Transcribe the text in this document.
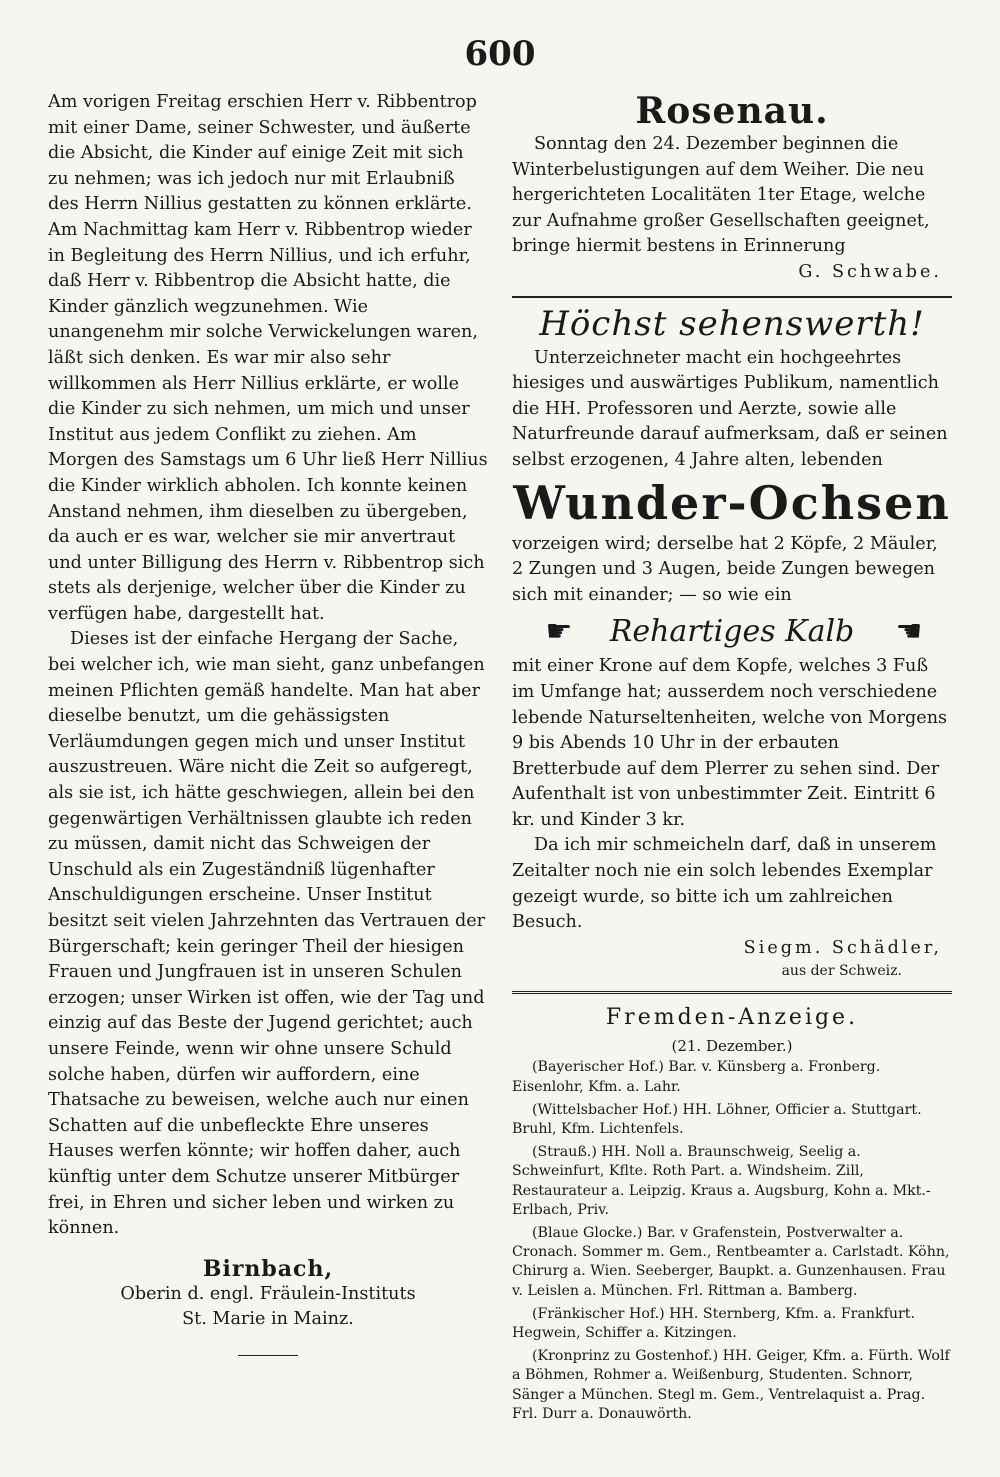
600

Am vorigen Freitag erschien Herr v. Ribbentrop mit einer Dame, seiner Schwester, und äußerte die Absicht, die Kinder auf einige Zeit mit sich zu nehmen; was ich jedoch nur mit Erlaubniß des Herrn Nillius gestatten zu können erklärte. Am Nachmittag kam Herr v. Ribbentrop wieder in Begleitung des Herrn Nillius, und ich erfuhr, daß Herr v. Ribbentrop die Absicht hatte, die Kinder gänzlich wegzunehmen. Wie unangenehm mir solche Verwickelungen waren, läßt sich denken. Es war mir also sehr willkommen als Herr Nillius erklärte, er wolle die Kinder zu sich nehmen, um mich und unser Institut aus jedem Conflikt zu ziehen. Am Morgen des Samstags um 6 Uhr ließ Herr Nillius die Kinder wirklich abholen. Ich konnte keinen Anstand nehmen, ihm dieselben zu übergeben, da auch er es war, welcher sie mir anvertraut und unter Billigung des Herrn v. Ribbentrop sich stets als derjenige, welcher über die Kinder zu verfügen habe, dargestellt hat.

Dieses ist der einfache Hergang der Sache, bei welcher ich, wie man sieht, ganz unbefangen meinen Pflichten gemäß handelte. Man hat aber dieselbe benutzt, um die gehässigsten Verläumdungen gegen mich und unser Institut auszustreuen. Wäre nicht die Zeit so aufgeregt, als sie ist, ich hätte geschwiegen, allein bei den gegenwärtigen Verhältnissen glaubte ich reden zu müssen, damit nicht das Schweigen der Unschuld als ein Zugeständniß lügenhafter Anschuldigungen erscheine. Unser Institut besitzt seit vielen Jahrzehnten das Vertrauen der Bürgerschaft; kein geringer Theil der hiesigen Frauen und Jungfrauen ist in unseren Schulen erzogen; unser Wirken ist offen, wie der Tag und einzig auf das Beste der Jugend gerichtet; auch unsere Feinde, wenn wir ohne unsere Schuld solche haben, dürfen wir auffordern, eine Thatsache zu beweisen, welche auch nur einen Schatten auf die unbefleckte Ehre unseres Hauses werfen könnte; wir hoffen daher, auch künftig unter dem Schutze unserer Mitbürger frei, in Ehren und sicher leben und wirken zu können.

Birnbach,
Oberin d. engl. Fräulein-Instituts
St. Marie in Mainz.
Rosenau.

Sonntag den 24. Dezember beginnen die Winterbelustigungen auf dem Weiher. Die neu hergerichteten Localitäten 1ter Etage, welche zur Aufnahme großer Gesellschaften geeignet, bringe hiermit bestens in Erinnerung

G. Schwabe.
Höchst sehenswerth!

Unterzeichneter macht ein hochgeehrtes hiesiges und auswärtiges Publikum, namentlich die HH. Professoren und Aerzte, sowie alle Naturfreunde darauf aufmerksam, daß er seinen selbst erzogenen, 4 Jahre alten, lebenden

Wunder-Ochsen

vorzeigen wird; derselbe hat 2 Köpfe, 2 Mäuler, 2 Zungen und 3 Augen, beide Zungen bewegen sich mit einander; — so wie ein

☛	Rehartiges Kalb	☚

mit einer Krone auf dem Kopfe, welches 3 Fuß im Umfange hat; ausserdem noch verschiedene lebende Naturseltenheiten, welche von Morgens 9 bis Abends 10 Uhr in der erbauten Bretterbude auf dem Plerrer zu sehen sind. Der Aufenthalt ist von unbestimmter Zeit. Eintritt 6 kr. und Kinder 3 kr.

Da ich mir schmeicheln darf, daß in unserem Zeitalter noch nie ein solch lebendes Exemplar gezeigt wurde, so bitte ich um zahlreichen Besuch.

Siegm. Schädler,
aus der Schweiz.
Fremden-Anzeige.
(21. Dezember.)

(Bayerischer Hof.) Bar. v. Künsberg a. Fronberg. Eisenlohr, Kfm. a. Lahr.

(Wittelsbacher Hof.) HH. Löhner, Officier a. Stuttgart. Bruhl, Kfm. Lichtenfels.

(Strauß.) HH. Noll a. Braunschweig, Seelig a. Schweinfurt, Kfltе. Roth Part. a. Windsheim. Zill, Restaurateur a. Leipzig. Kraus a. Augsburg, Kohn a. Mkt.-Erlbach, Priv.

(Blaue Glocke.) Bar. v Grafenstein, Postverwalter a. Cronach. Sommer m. Gem., Rentbeamter a. Carlstadt. Köhn, Chirurg a. Wien. Seeberger, Baupkt. a. Gunzenhausen. Frau v. Leislen a. München. Frl. Rittman a. Bamberg.

(Fränkischer Hof.) HH. Sternberg, Kfm. a. Frankfurt. Hegwein, Schiffer a. Kitzingen.

(Kronprinz zu Gostenhof.) HH. Geiger, Kfm. a. Fürth. Wolf a Böhmen, Rohmer a. Weißenburg, Studenten. Schnorr, Sänger a München. Stegl m. Gem., Ventrelaquist a. Prag. Frl. Durr a. Donauwörth.
